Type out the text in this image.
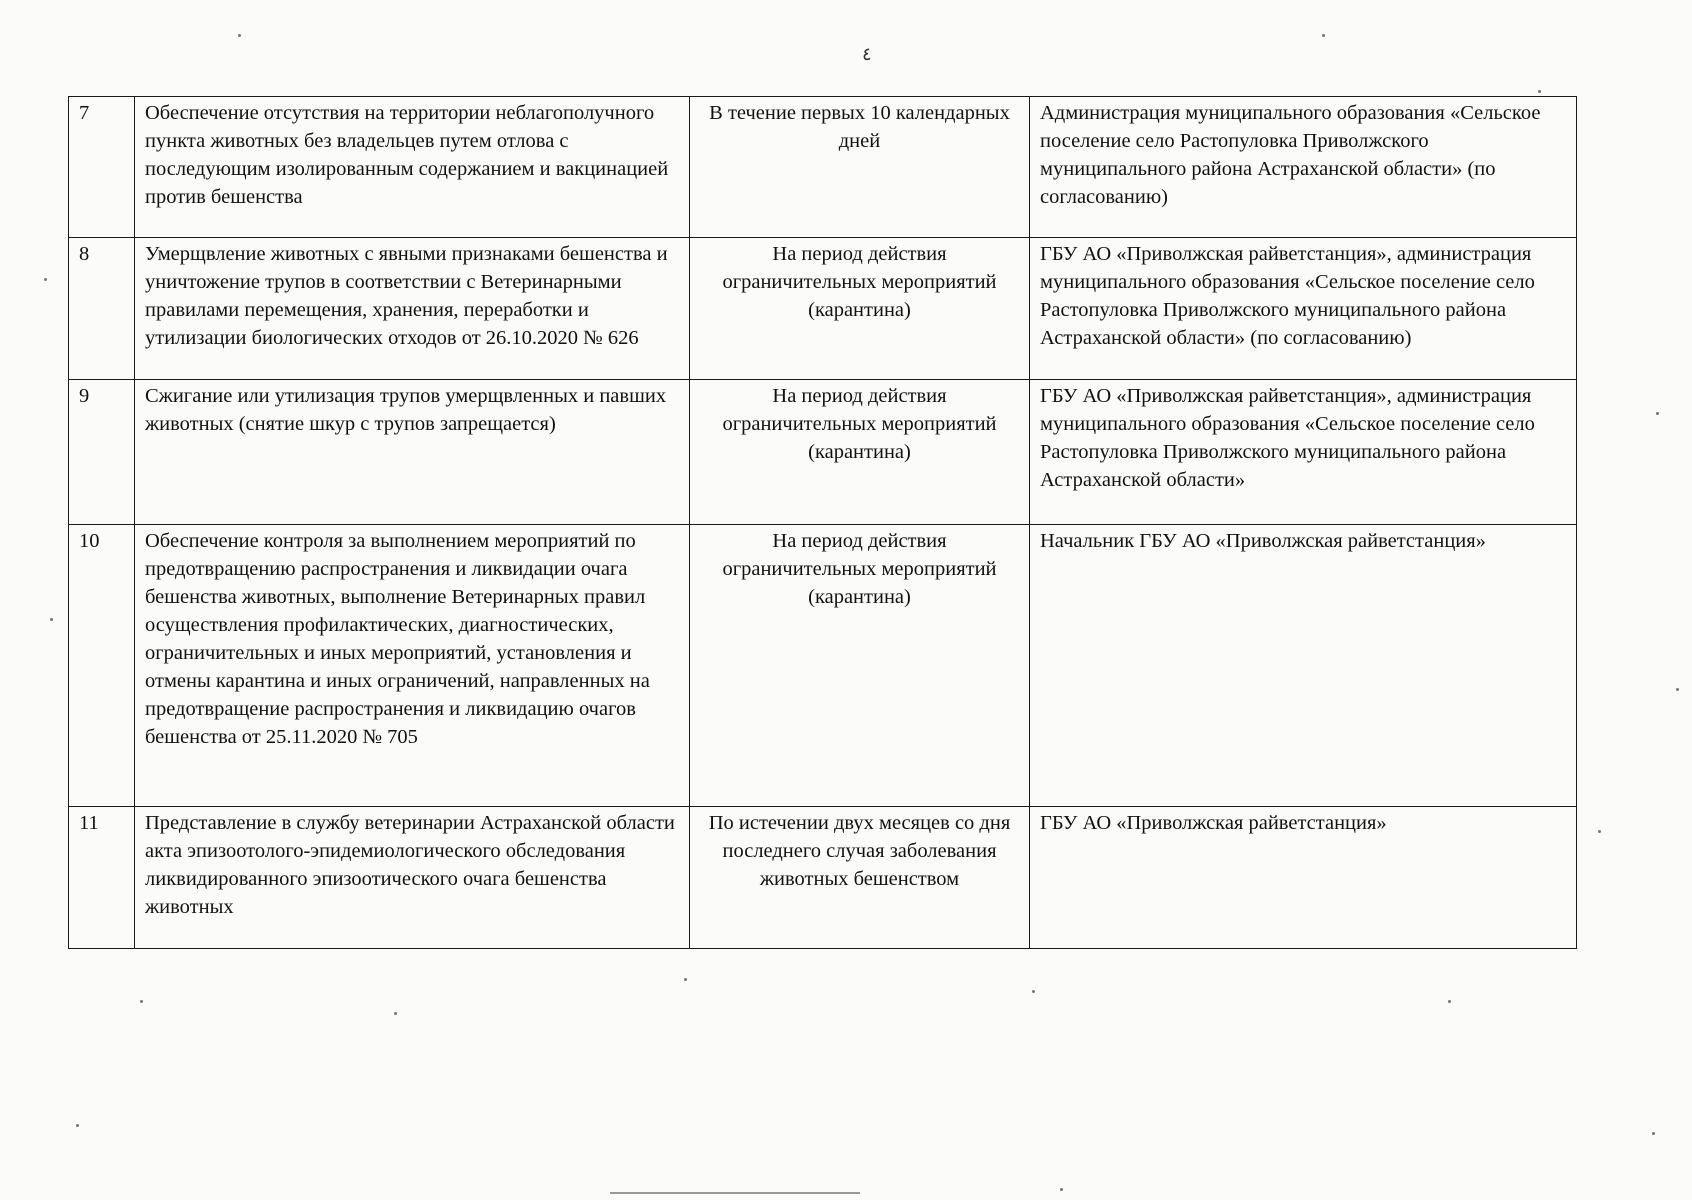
٤
7	Обеспечение отсутствия на территории неблагополучного пункта животных без владельцев путем отлова с последующим изолированным содержанием и вакцинацией против бешенства	В течение первых 10 календарных дней	Администрация муниципального образования «Сельское поселение село Растопуловка Приволжского муниципального района Астраханской области» (по согласованию)
8	Умерщвление животных с явными признаками бешенства и уничтожение трупов в соответствии с Ветеринарными правилами перемещения, хранения, переработки и утилизации биологических отходов от 26.10.2020 № 626	На период действия ограничительных мероприятий (карантина)	ГБУ АО «Приволжская райветстанция», администрация муниципального образования «Сельское поселение село Растопуловка Приволжского муниципального района Астраханской области» (по согласованию)
9	Сжигание или утилизация трупов умерщвленных и павших животных (снятие шкур с трупов запрещается)	На период действия ограничительных мероприятий (карантина)	ГБУ АО «Приволжская райветстанция», администрация муниципального образования «Сельское поселение село Растопуловка Приволжского муниципального района Астраханской области»
10	Обеспечение контроля за выполнением мероприятий по предотвращению распространения и ликвидации очага бешенства животных, выполнение Ветеринарных правил осуществления профилактических, диагностических, ограничительных и иных мероприятий, установления и отмены карантина и иных ограничений, направленных на предотвращение распространения и ликвидацию очагов бешенства от 25.11.2020 № 705	На период действия ограничительных мероприятий (карантина)	Начальник ГБУ АО «Приволжская райветстанция»
11	Представление в службу ветеринарии Астраханской области акта эпизоотолого-эпидемиологического обследования ликвидированного эпизоотического очага бешенства животных	По истечении двух месяцев со дня последнего случая заболевания животных бешенством	ГБУ АО «Приволжская райветстанция»
